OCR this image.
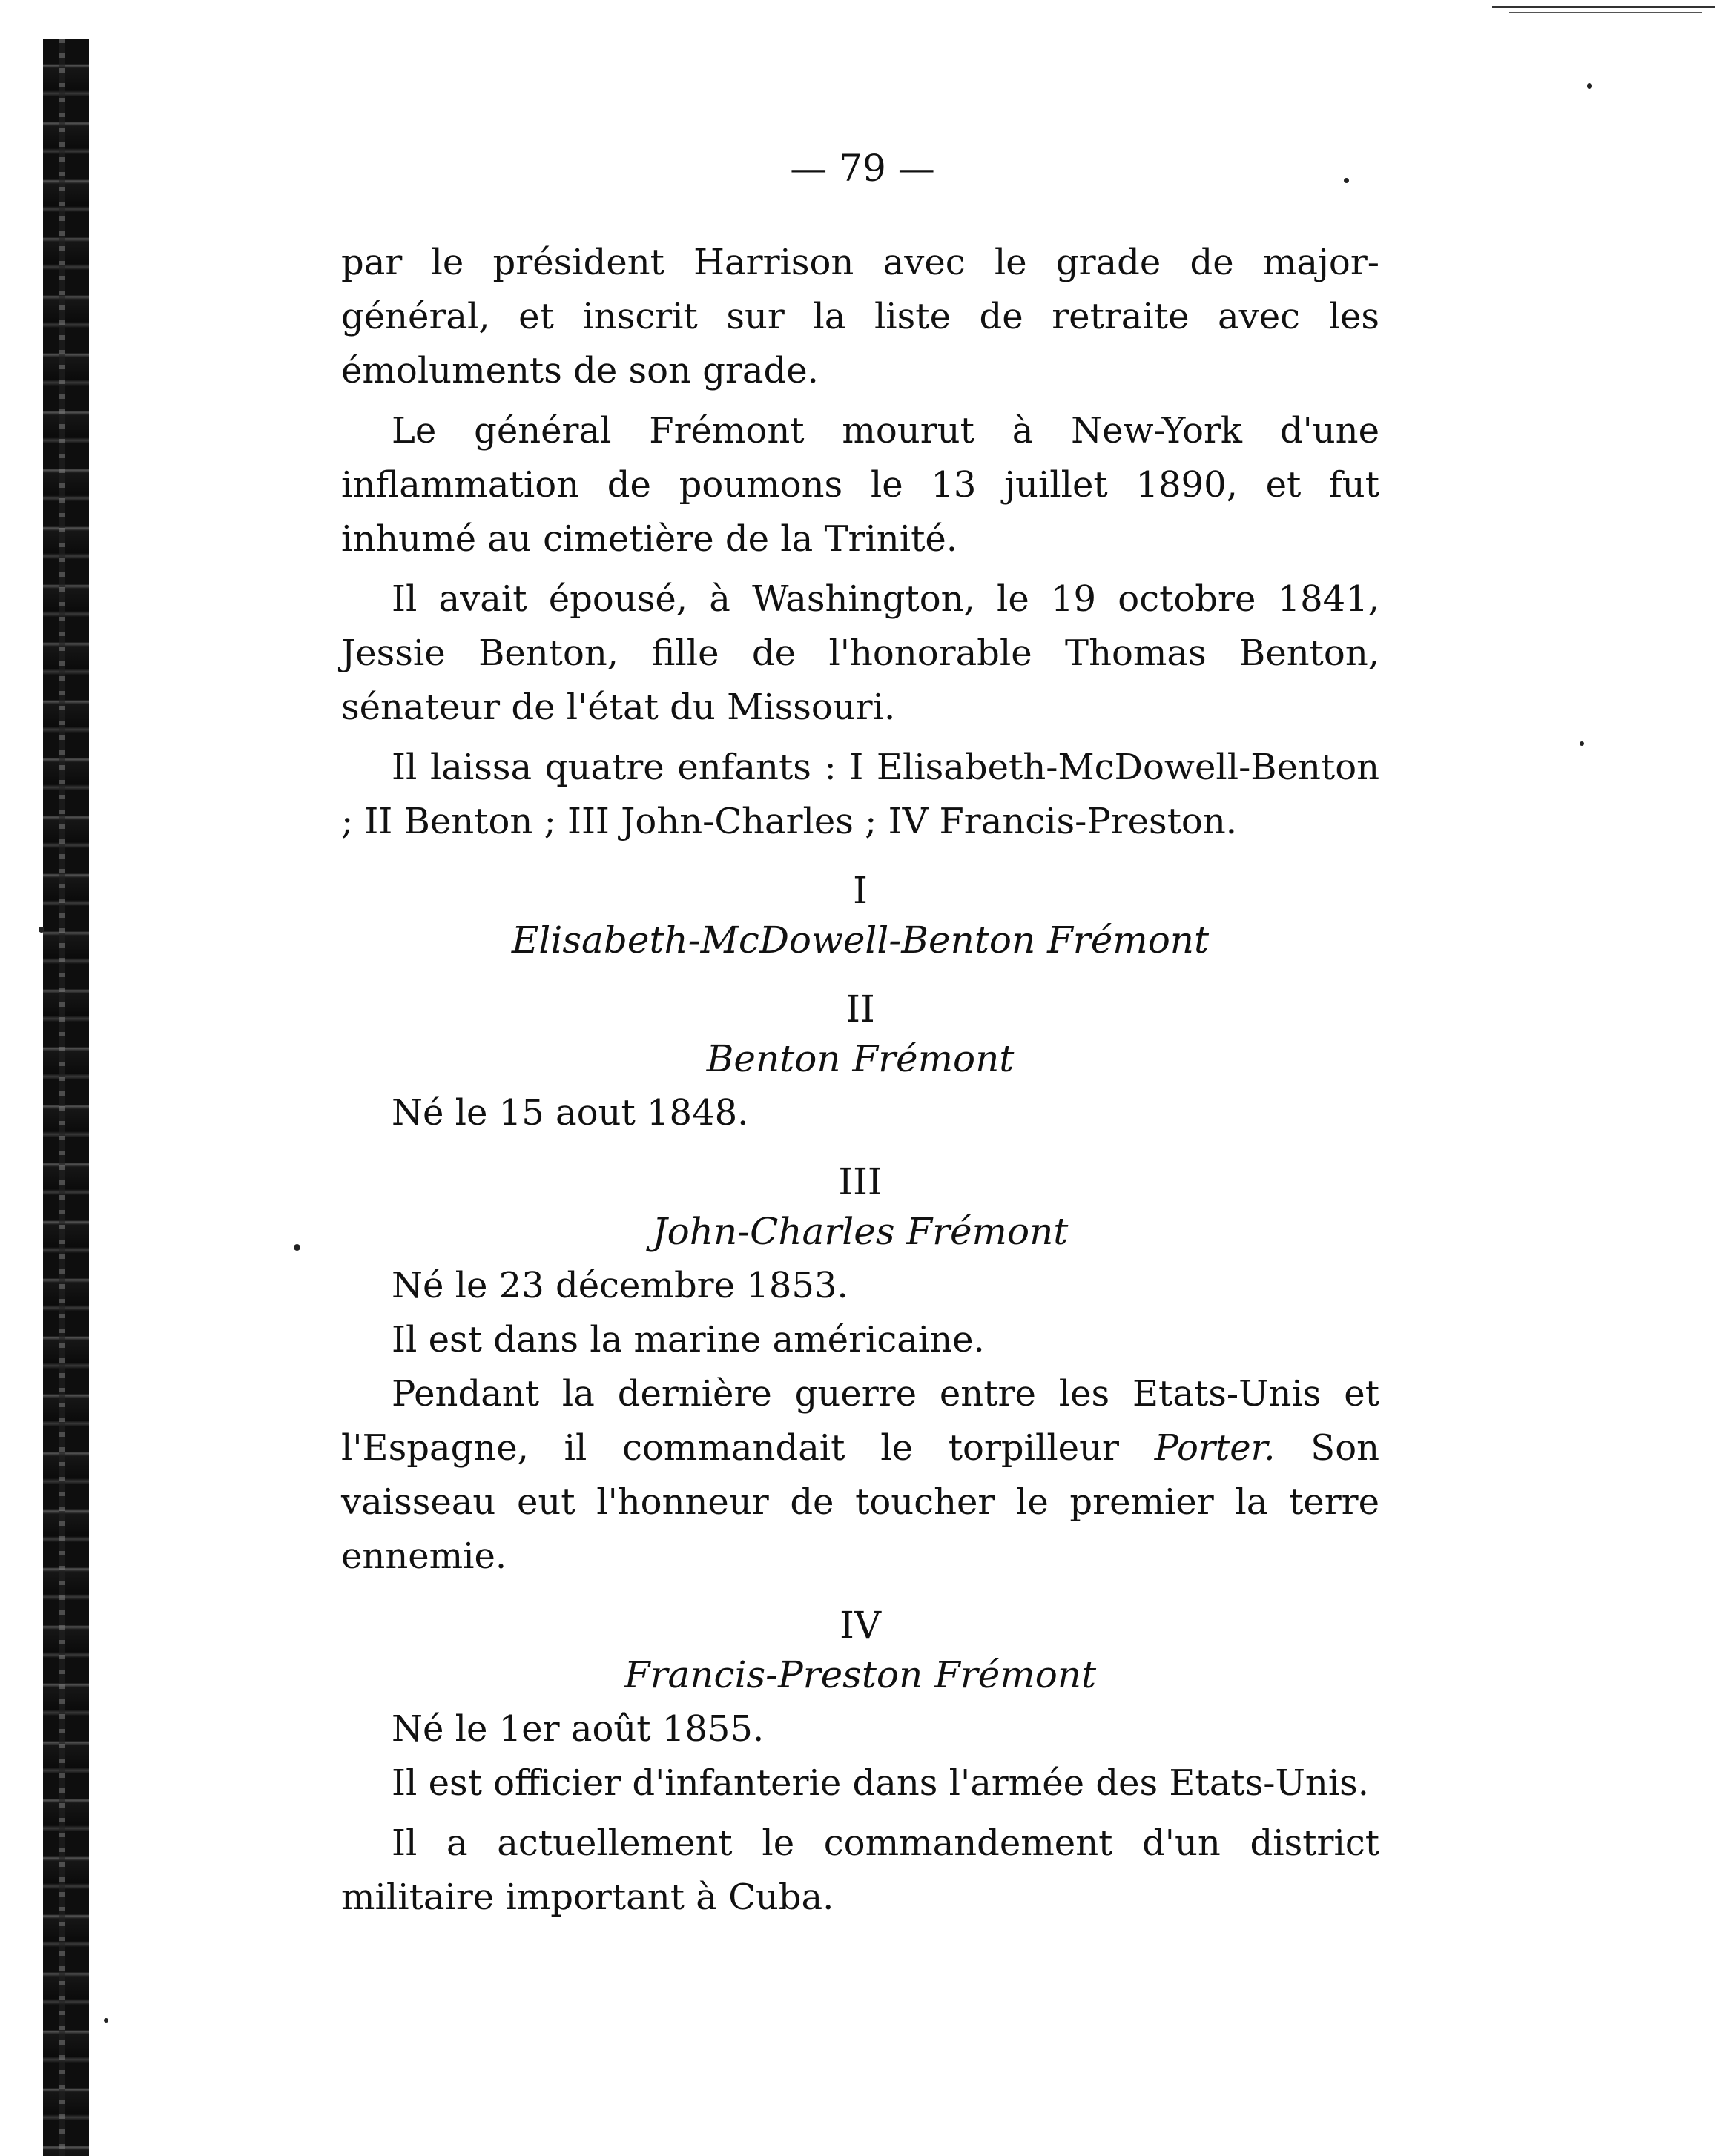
— 79 —

par le président Harrison avec le grade de major-général, et inscrit sur la liste de retraite avec les émoluments de son grade.

Le général Frémont mourut à New-York d'une inflammation de poumons le 13 juillet 1890, et fut inhumé au cimetière de la Trinité.

Il avait épousé, à Washington, le 19 octobre 1841, Jessie Benton, fille de l'honorable Thomas Benton, sénateur de l'état du Missouri.

Il laissa quatre enfants : I Elisabeth-McDowell-Benton ; II Benton ; III John-Charles ; IV Francis-Preston.

I
Elisabeth-McDowell-Benton Frémont
II
Benton Frémont

Né le 15 aout 1848.

III
John-Charles Frémont

Né le 23 décembre 1853.

Il est dans la marine américaine.

Pendant la dernière guerre entre les Etats-Unis et l'Espagne, il commandait le torpilleur Porter. Son vaisseau eut l'honneur de toucher le premier la terre ennemie.

IV
Francis-Preston Frémont

Né le 1er août 1855.

Il est officier d'infanterie dans l'armée des Etats-Unis.

Il a actuellement le commandement d'un district militaire important à Cuba.
